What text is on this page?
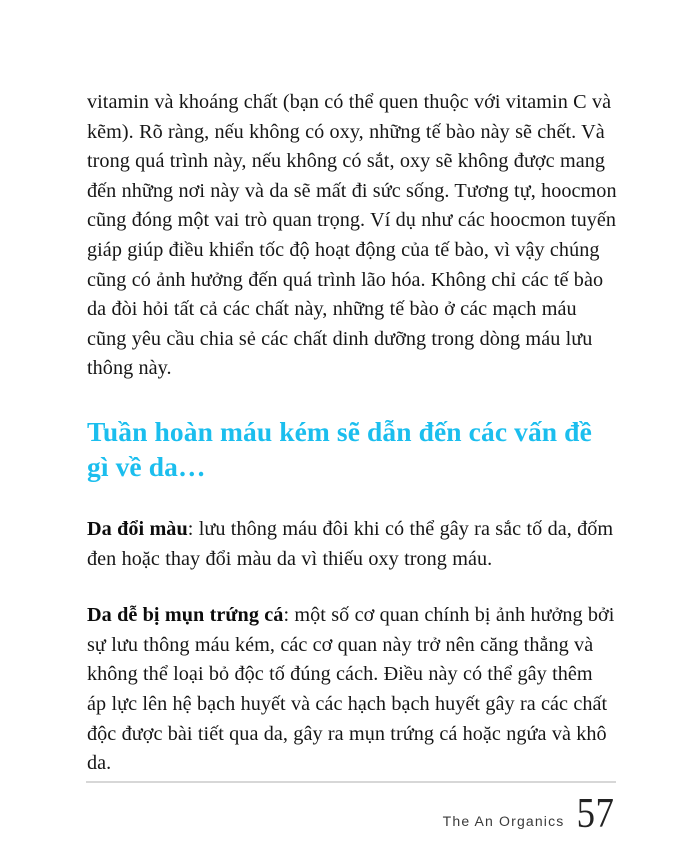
vitamin và khoáng chất (bạn có thể quen thuộc với vitamin C và kẽm). Rõ ràng, nếu không có oxy, những tế bào này sẽ chết. Và trong quá trình này, nếu không có sắt, oxy sẽ không được mang đến những nơi này và da sẽ mất đi sức sống. Tương tự, hoocmon cũng đóng một vai trò quan trọng. Ví dụ như các hoocmon tuyến giáp giúp điều khiển tốc độ hoạt động của tế bào, vì vậy chúng cũng có ảnh hưởng đến quá trình lão hóa. Không chỉ các tế bào da đòi hỏi tất cả các chất này, những tế bào ở các mạch máu cũng yêu cầu chia sẻ các chất dinh dưỡng trong dòng máu lưu thông này.

Tuần hoàn máu kém sẽ dẫn đến các vấn đề gì về da…

Da đổi màu: lưu thông máu đôi khi có thể gây ra sắc tố da, đốm đen hoặc thay đổi màu da vì thiếu oxy trong máu.

Da dễ bị mụn trứng cá: một số cơ quan chính bị ảnh hưởng bởi sự lưu thông máu kém, các cơ quan này trở nên căng thẳng và không thể loại bỏ độc tố đúng cách. Điều này có thể gây thêm áp lực lên hệ bạch huyết và các hạch bạch huyết gây ra các chất độc được bài tiết qua da, gây ra mụn trứng cá hoặc ngứa và khô da.

The An Organics 57
